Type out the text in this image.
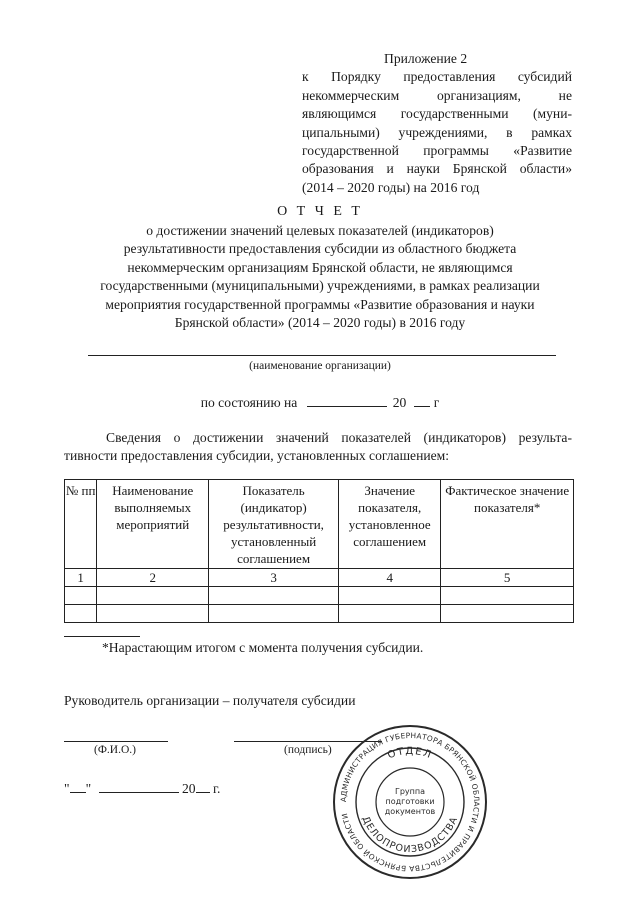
Приложение 2
к Порядку предоставления субсидий
некоммерческим организациям, не
являющимся государственными (муни-
ципальными) учреждениями, в рамках
государственной программы «Развитие
образования и науки Брянской области»
(2014 – 2020 годы) на 2016 год
О Т Ч Е Т
о достижении значений целевых показателей (индикаторов)
результативности предоставления субсидии из областного бюджета
некоммерческим организациям Брянской области, не являющимся
государственными (муниципальными) учреждениями, в рамках реализации
мероприятия государственной программы «Развитие образования и науки
Брянской области» (2014 – 2020 годы) в 2016 году
(наименование организации)
по состоянию на	20 г
Сведения о достижении значений показателей (индикаторов) результа-
тивности предоставления субсидии, установленных соглашением:
№ пп	Наименование выполняемых мероприятий	Показатель (индикатор) результативности, установленный соглашением	Значение показателя, установленное соглашением	Фактическое значение показателя*
1	2	3	4	5

*Нарастающим итогом с момента получения субсидии.
Руководитель организации – получателя субсидии
(Ф.И.О.)	(подпись)
" "	20 г.
АДМИНИСТРАЦИЯ ГУБЕРНАТОРА БРЯНСКОЙ ОБЛАСТИ И ПРАВИТЕЛЬСТВА БРЯНСКОЙ ОБЛАСТИ
ОТДЕЛ
ДЕЛОПРОИЗВОДСТВА
Группа
подготовки
документов
